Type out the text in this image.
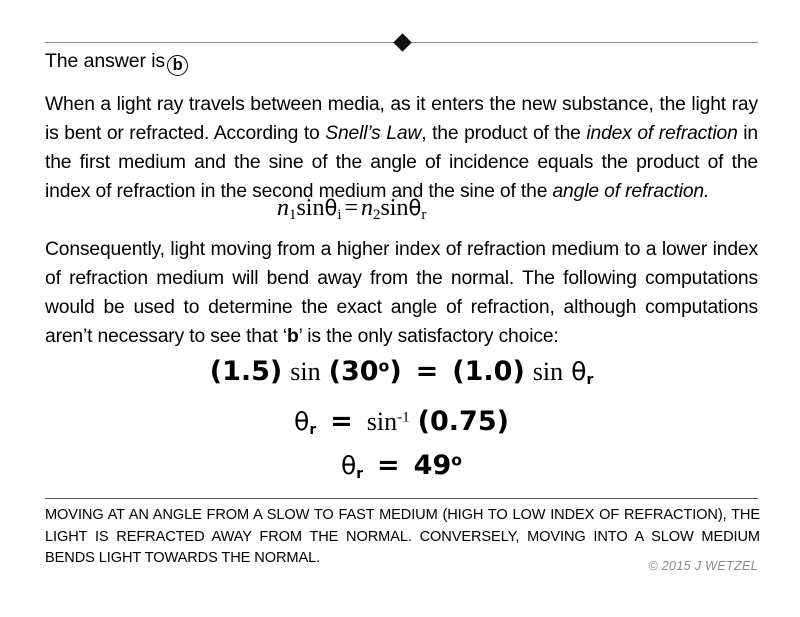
The answer is b
When a light ray travels between media, as it enters the new substance, the light ray is bent or refracted. According to Snell’s Law, the product of the index of refraction in the first medium and the sine of the angle of incidence equals the product of the index of refraction in the second medium and the sine of the angle of refraction.
$n_1\sin\theta_i = n_2\sin\theta_r$
Consequently, light moving from a higher index of refraction medium to a lower index of refraction medium will bend away from the normal. The following computations would be used to determine the exact angle of refraction, although computations aren’t necessary to see that ‘b’ is the only satisfactory choice:
(1.5) $\sin (30^o) = (1.0)$ $\sin \theta_r$
$\theta_r = \sin^{-1} (0.75)$
$\theta_r = 49^o$
MOVING AT AN ANGLE FROM A SLOW TO FAST MEDIUM (HIGH TO LOW INDEX OF REFRACTION), THE LIGHT IS REFRACTED AWAY FROM THE NORMAL. CONVERSELY, MOVING INTO A SLOW MEDIUM BENDS LIGHT TOWARDS THE NORMAL.	© 2015 J WETZEL
